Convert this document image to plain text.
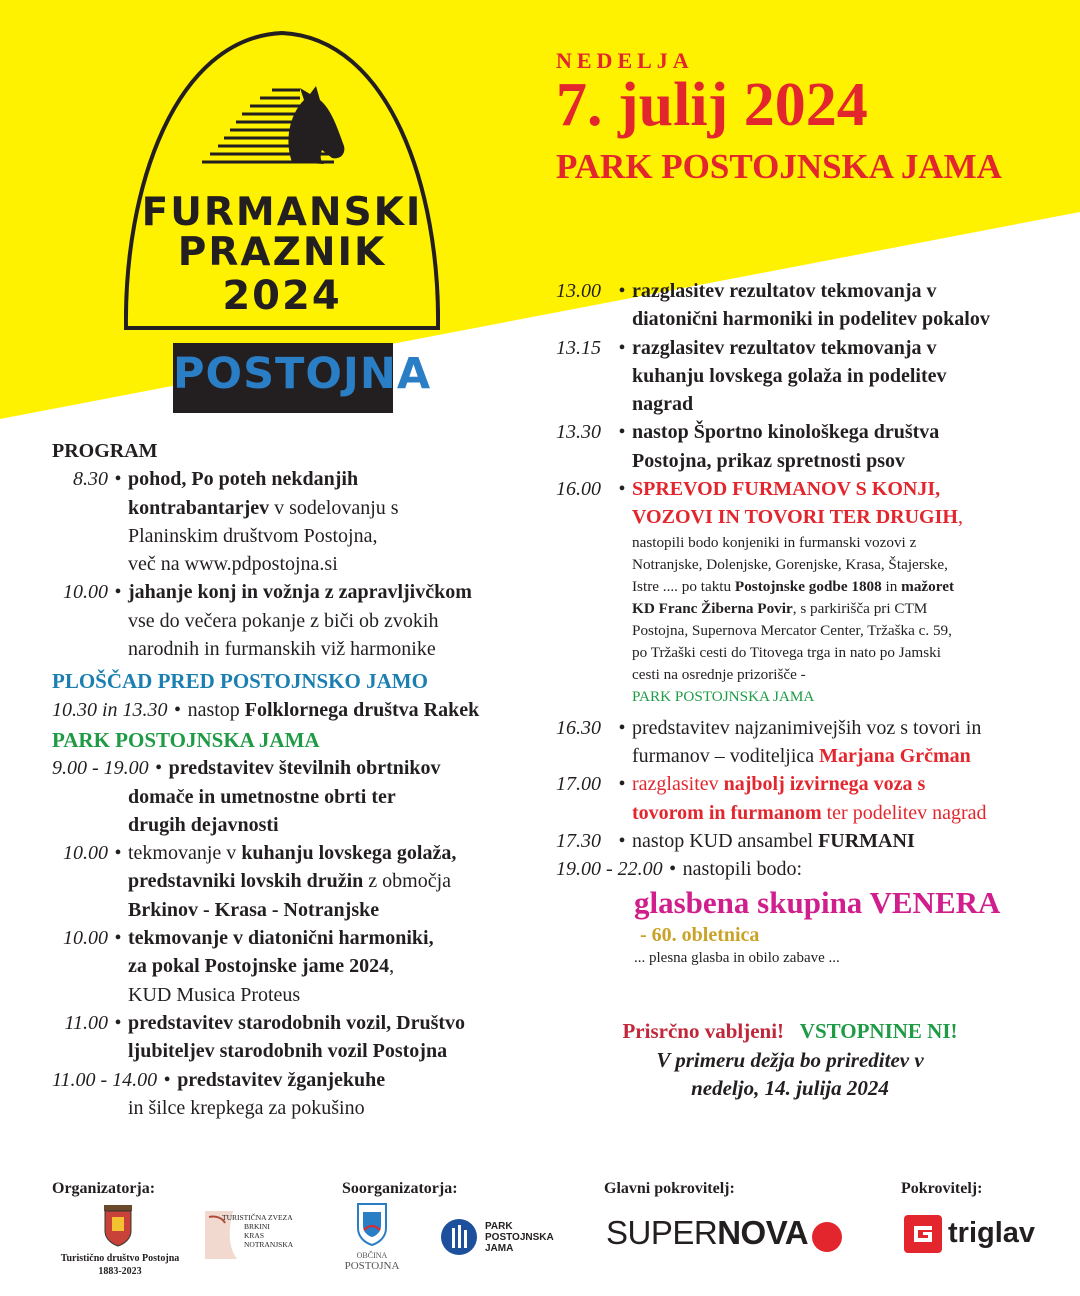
FURMANSKI
PRAZNIK
2024
POSTOJNA
NEDELJA
7. julij 2024
PARK POSTOJNSKA JAMA
PROGRAM
8.30 • pohod, Po poteh nekdanjih
kontrabantarjev v sodelovanju s
Planinskim društvom Postojna,
več na www.pdpostojna.si
10.00 • jahanje konj in vožnja z zapravljivčkom
vse do večera pokanje z biči ob zvokih
narodnih in furmanskih viž harmonike
PLOŠČAD PRED POSTOJNSKO JAMO
10.30 in 13.30 • nastop Folklornega društva Rakek
PARK POSTOJNSKA JAMA
9.00 - 19.00 • predstavitev številnih obrtnikov
domače in umetnostne obrti ter
drugih dejavnosti
10.00 • tekmovanje v kuhanju lovskega golaža,
predstavniki lovskih družin z območja
Brkinov - Krasa - Notranjske
10.00 • tekmovanje v diatonični harmoniki,
za pokal Postojnske jame 2024,
KUD Musica Proteus
11.00 • predstavitev starodobnih vozil, Društvo
ljubiteljev starodobnih vozil Postojna
11.00 - 14.00 • predstavitev žganjekuhe
in šilce krepkega za pokušino
13.00 • razglasitev rezultatov tekmovanja v
diatonični harmoniki in podelitev pokalov
13.15 • razglasitev rezultatov tekmovanja v
kuhanju lovskega golaža in podelitev
nagrad
13.30 • nastop Športno kinološkega društva
Postojna, prikaz spretnosti psov
16.00 • SPREVOD FURMANOV S KONJI,
VOZOVI IN TOVORI TER DRUGIH,
nastopili bodo konjeniki in furmanski vozovi z
Notranjske, Dolenjske, Gorenjske, Krasa, Štajerske,
Istre .... po taktu Postojnske godbe 1808 in mažoret
KD Franc Žiberna Povir, s parkirišča pri CTM
Postojna, Supernova Mercator Center, Tržaška c. 59,
po Tržaški cesti do Titovega trga in nato po Jamski
cesti na osrednje prizorišče -
PARK POSTOJNSKA JAMA
16.30 • predstavitev najzanimivejših voz s tovori in
furmanov – voditeljica Marjana Grčman
17.00 • razglasitev najbolj izvirnega voza s
tovorom in furmanom ter podelitev nagrad
17.30 • nastop KUD ansambel FURMANI
19.00 - 22.00 • nastopili bodo:
glasbena skupina VENERA
- 60. obletnica
... plesna glasba in obilo zabave ...
Prisrčno vabljeni! VSTOPNINE NI!
V primeru dežja bo prireditev v
nedeljo, 14. julija 2024
Organizatorja:
Turistično društvo Postojna
1883-2023
TURISTIČNA ZVEZA
BRKINI
KRAS
NOTRANJSKA
Soorganizatorja:
OBČINA
POSTOJNA
PARK
POSTOJNSKA
JAMA
Glavni pokrovitelj:
SUPERNOVA
Pokrovitelj:
triglav
